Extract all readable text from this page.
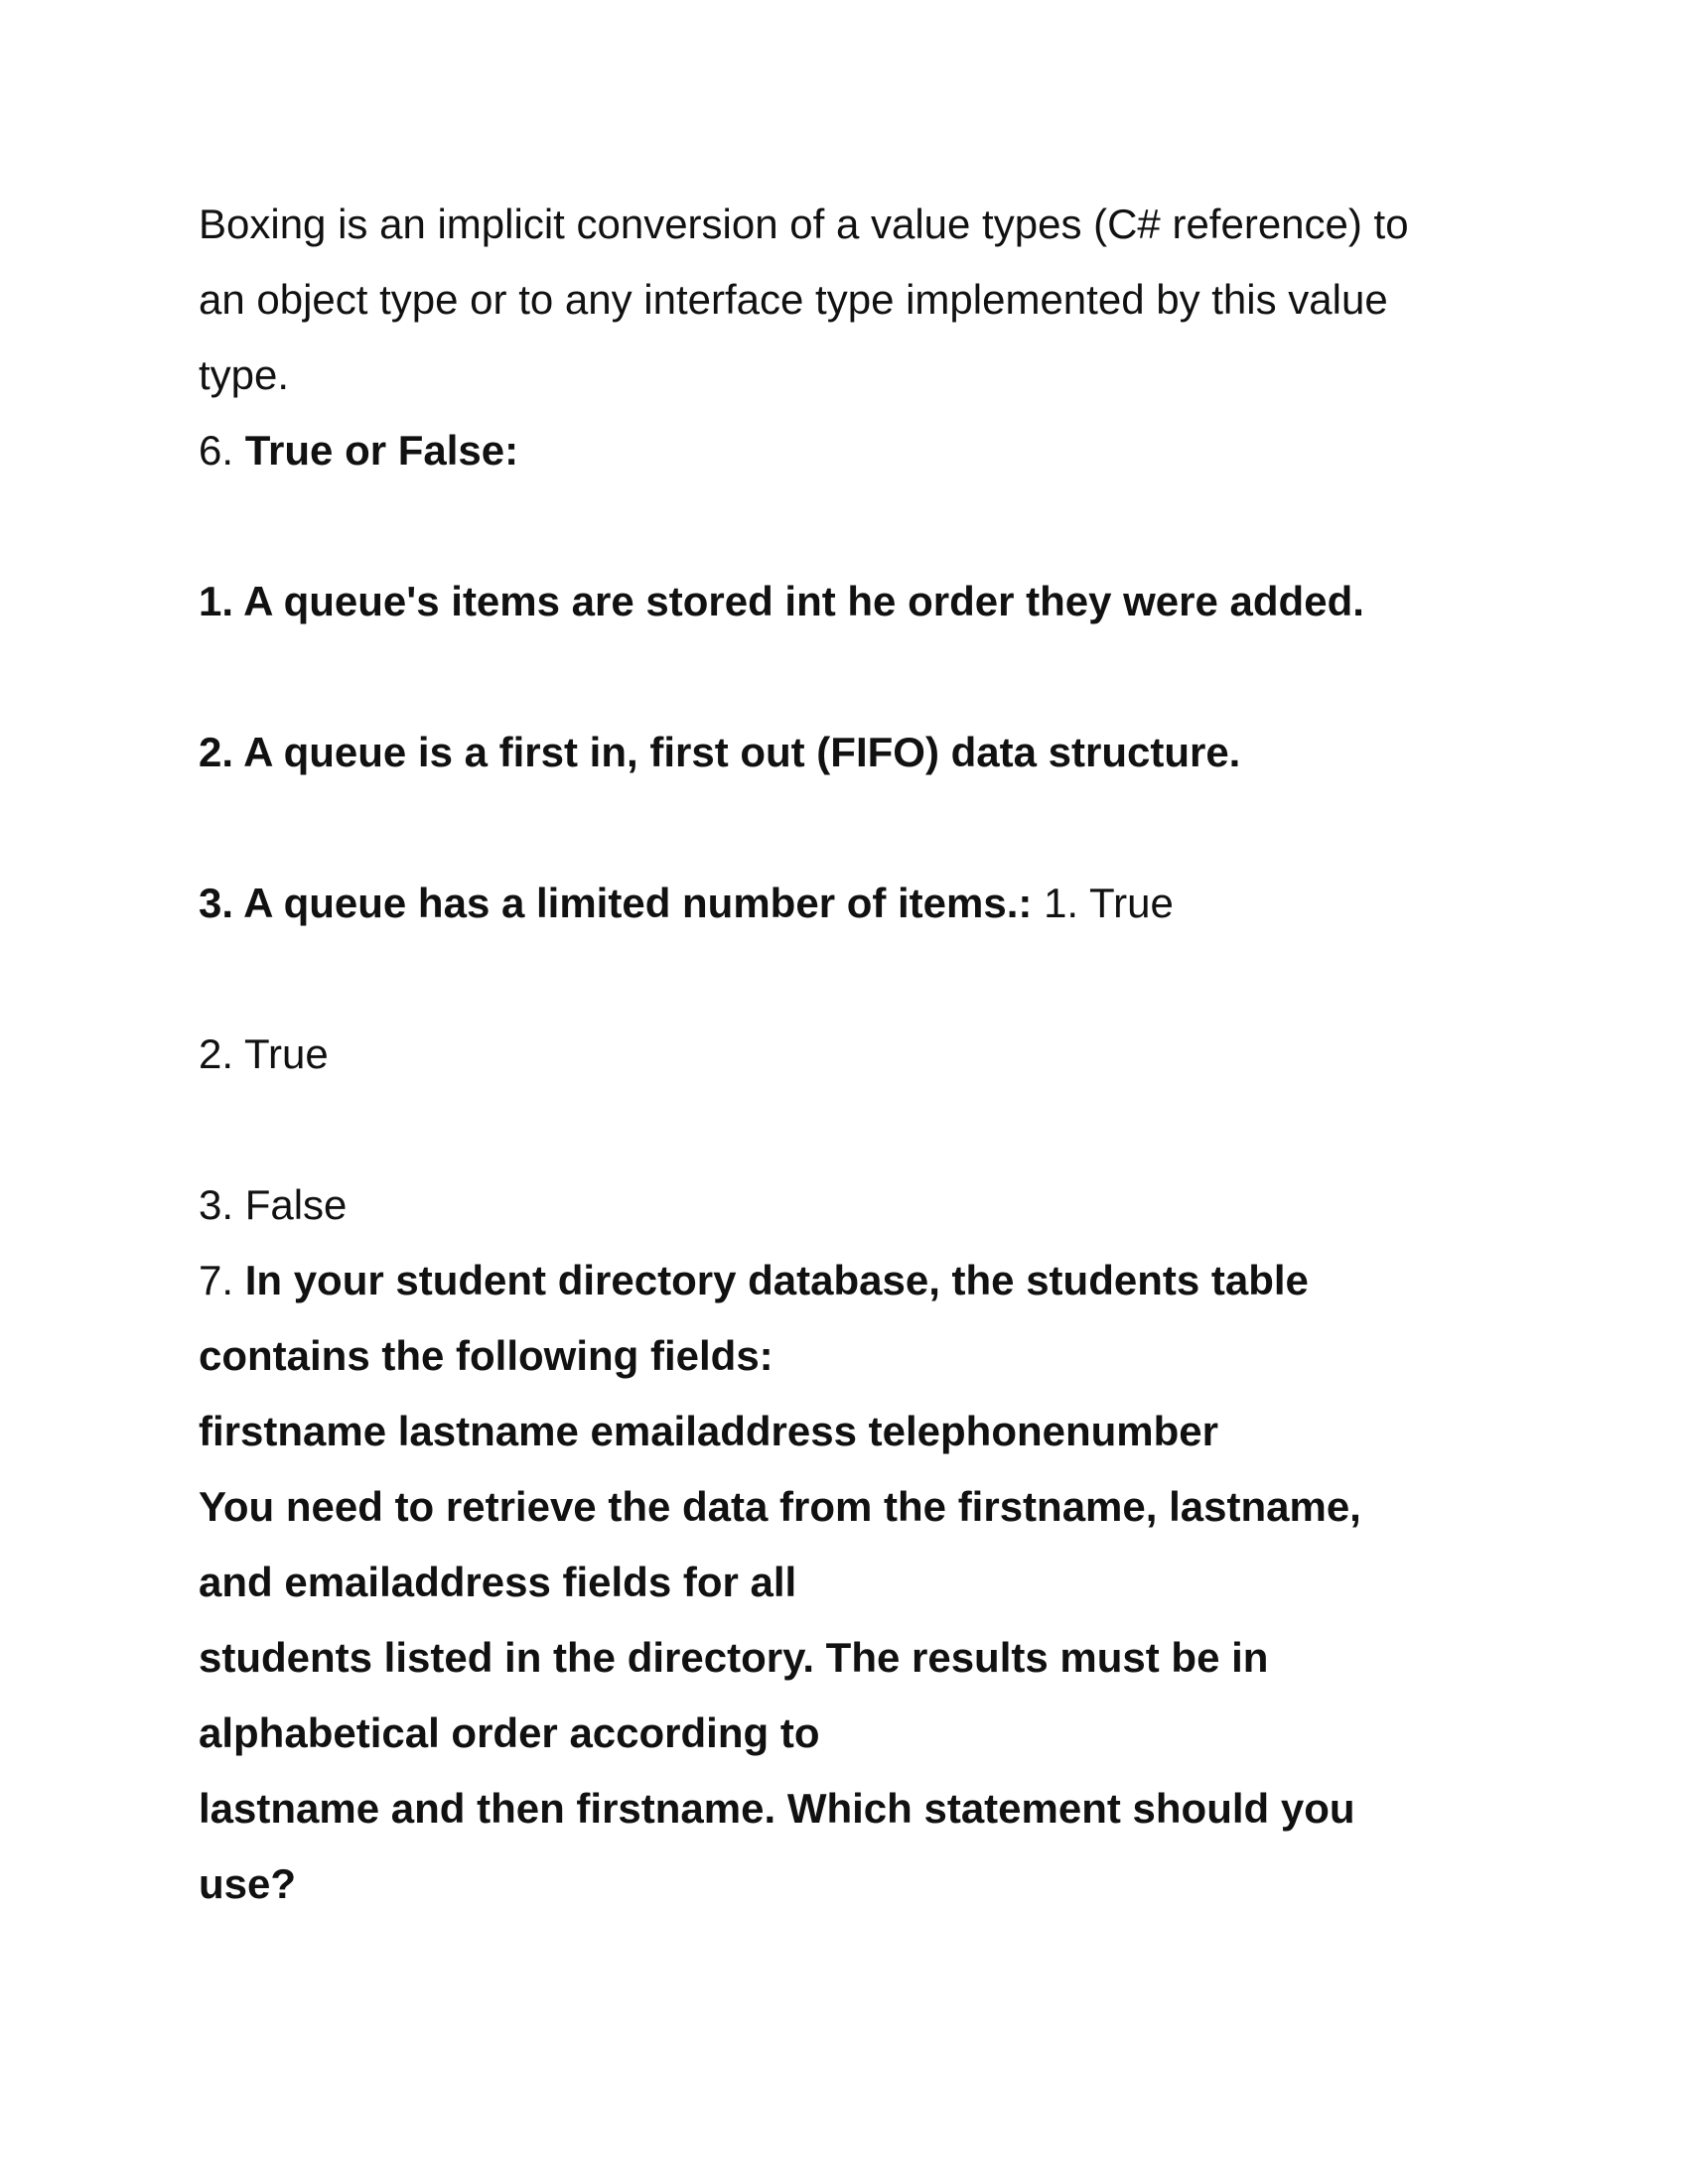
Boxing is an implicit conversion of a value types (C# reference) to

an object type or to any interface type implemented by this value

type.

6. True or False:

1. A queue's items are stored int he order they were added.

2. A queue is a first in, first out (FIFO) data structure.

3. A queue has a limited number of items.: 1. True

2. True

3. False

7. In your student directory database, the students table

contains the following fields:

firstname lastname emailaddress telephonenumber

You need to retrieve the data from the firstname, lastname,

and emailaddress fields for all

students listed in the directory. The results must be in

alphabetical order according to

lastname and then firstname. Which statement should you

use?
